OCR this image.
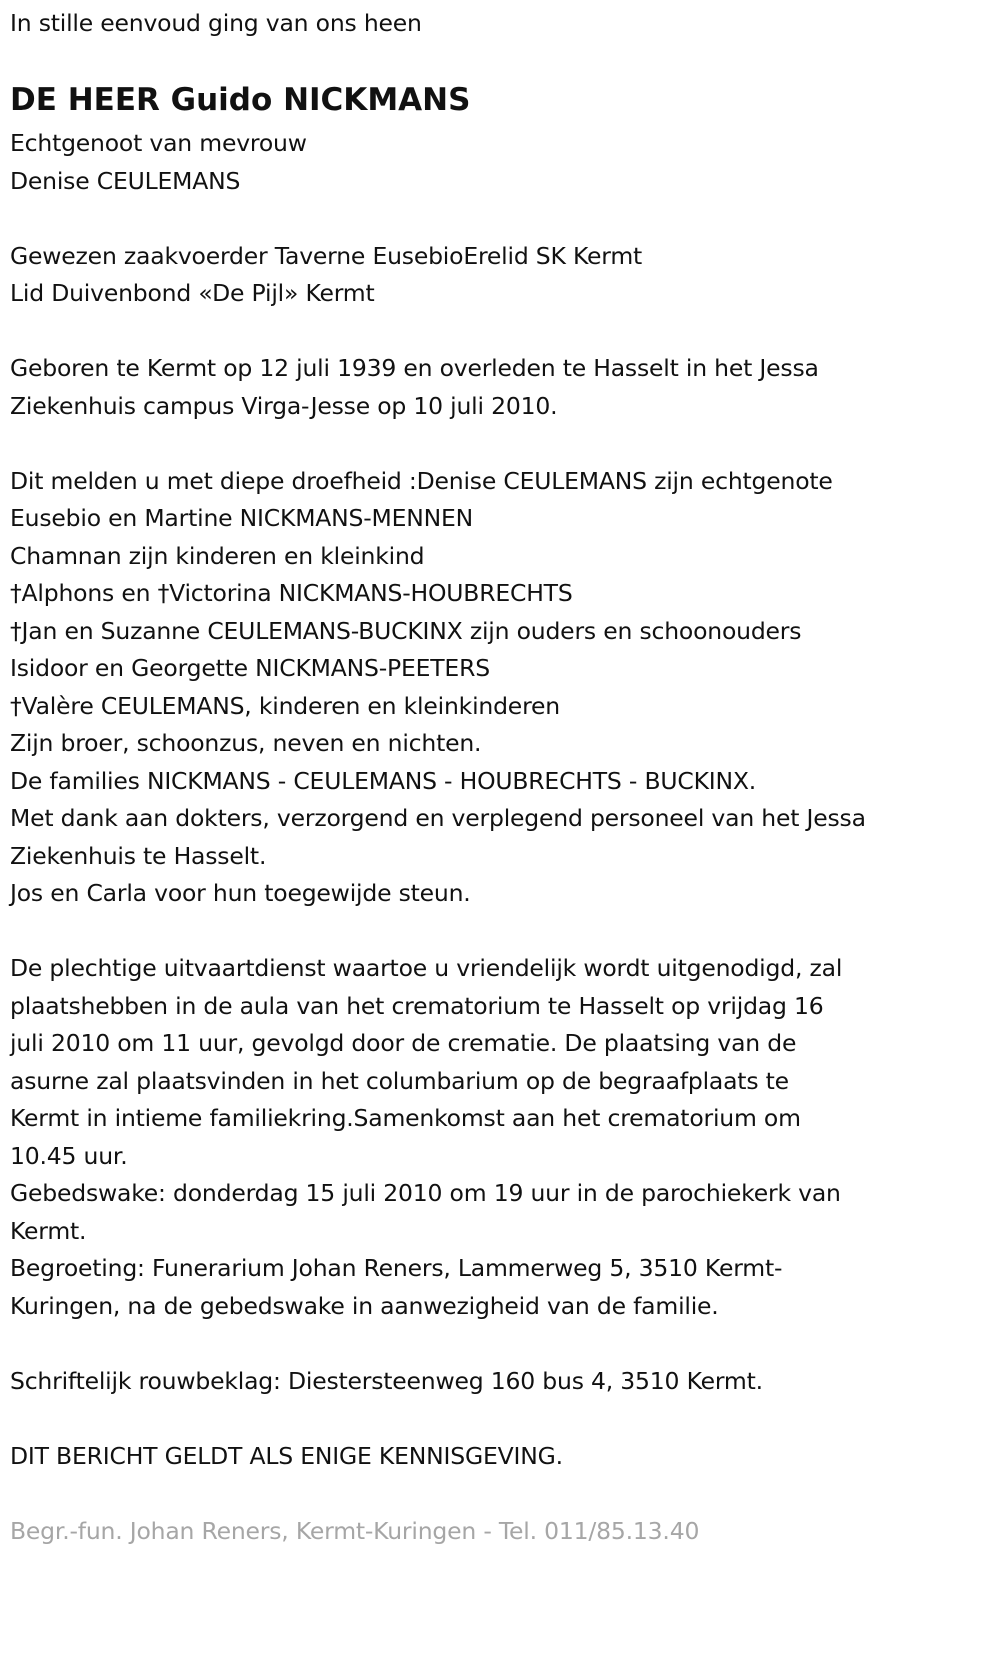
In stille eenvoud ging van ons heen
DE HEER Guido NICKMANS
Echtgenoot van mevrouw
Denise CEULEMANS
Gewezen zaakvoerder Taverne EusebioErelid SK Kermt
Lid Duivenbond «De Pijl» Kermt
Geboren te Kermt op 12 juli 1939 en overleden te Hasselt in het Jessa
Ziekenhuis campus Virga-Jesse op 10 juli 2010.
Dit melden u met diepe droefheid :Denise CEULEMANS zijn echtgenote
Eusebio en Martine NICKMANS-MENNEN
Chamnan zijn kinderen en kleinkind
†Alphons en †Victorina NICKMANS-HOUBRECHTS
†Jan en Suzanne CEULEMANS-BUCKINX zijn ouders en schoonouders
Isidoor en Georgette NICKMANS-PEETERS
†Valère CEULEMANS, kinderen en kleinkinderen
Zijn broer, schoonzus, neven en nichten.
De families NICKMANS - CEULEMANS - HOUBRECHTS - BUCKINX.
Met dank aan dokters, verzorgend en verplegend personeel van het Jessa
Ziekenhuis te Hasselt.
Jos en Carla voor hun toegewijde steun.
De plechtige uitvaartdienst waartoe u vriendelijk wordt uitgenodigd, zal
plaatshebben in de aula van het crematorium te Hasselt op vrijdag 16
juli 2010 om 11 uur, gevolgd door de crematie. De plaatsing van de
asurne zal plaatsvinden in het columbarium op de begraafplaats te
Kermt in intieme familiekring.Samenkomst aan het crematorium om
10.45 uur.
Gebedswake: donderdag 15 juli 2010 om 19 uur in de parochiekerk van
Kermt.
Begroeting: Funerarium Johan Reners, Lammerweg 5, 3510 Kermt-
Kuringen, na de gebedswake in aanwezigheid van de familie.
Schriftelijk rouwbeklag: Diestersteenweg 160 bus 4, 3510 Kermt.
DIT BERICHT GELDT ALS ENIGE KENNISGEVING.
Begr.-fun. Johan Reners, Kermt-Kuringen - Tel. 011/85.13.40
